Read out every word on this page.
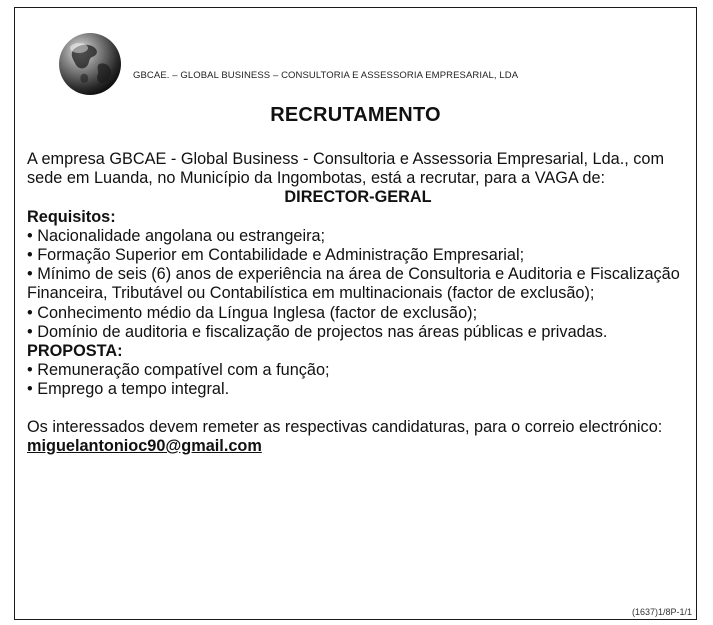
GBCAE. – GLOBAL BUSINESS – CONSULTORIA E ASSESSORIA EMPRESARIAL, LDA
RECRUTAMENTO

A empresa GBCAE - Global Business - Consultoria e Assessoria Empresarial, Lda., com sede em Luanda, no Município da Ingombotas, está a recrutar, para a VAGA de:

DIRECTOR-GERAL

Requisitos:

• Nacionalidade angolana ou estrangeira;
• Formação Superior em Contabilidade e Administração Empresarial;
• Mínimo de seis (6) anos de experiência na área de Consultoria e Auditoria e Fiscalização Financeira, Tributável ou Contabilística em multinacionais (factor de exclusão);
• Conhecimento médio da Língua Inglesa (factor de exclusão);
• Domínio de auditoria e fiscalização de projectos nas áreas públicas e privadas.

PROPOSTA:

• Remuneração compatível com a função;
• Emprego a tempo integral.

Os interessados devem remeter as respectivas candidaturas, para o correio electrónico: miguelantonioc90@gmail.com

(1637)1/8P-1/1
